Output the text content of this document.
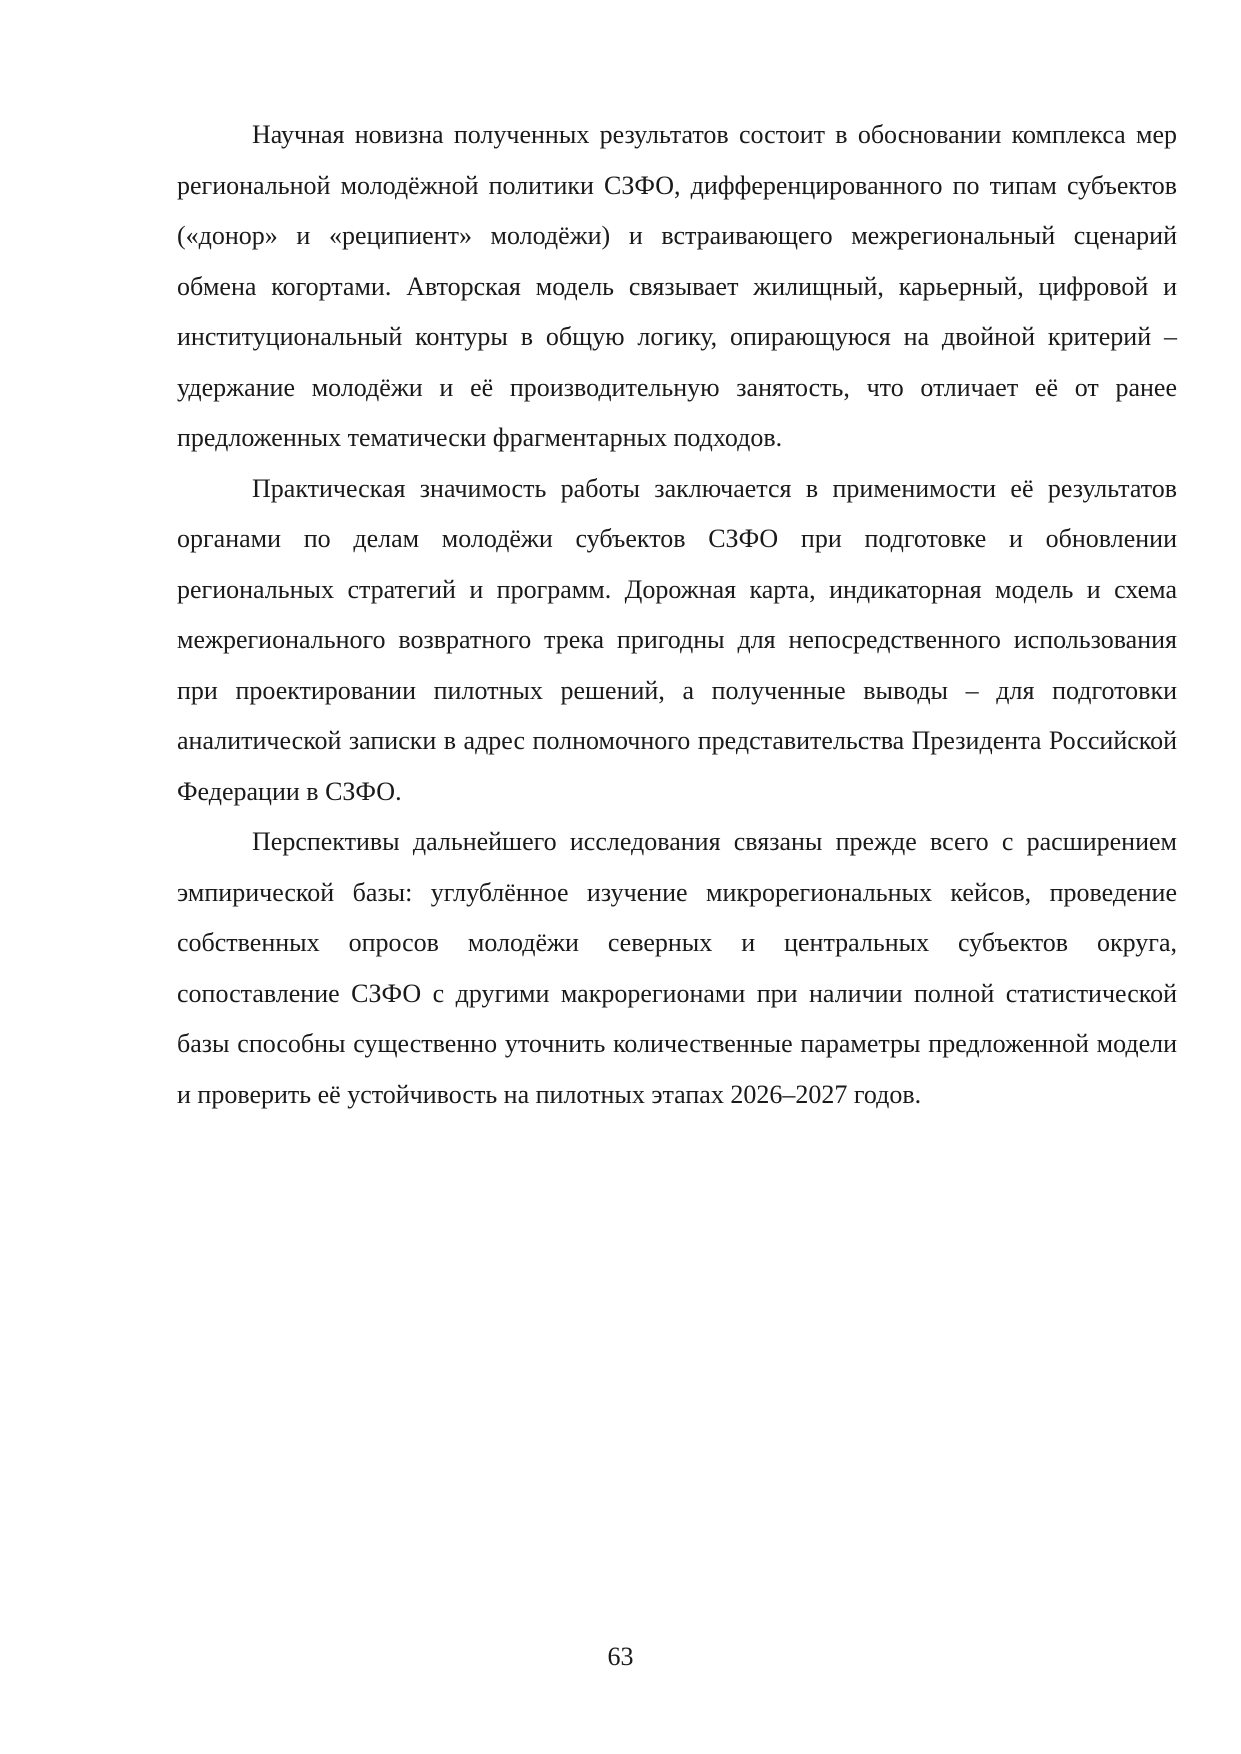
Научная новизна полученных результатов состоит в обосновании комплекса мер региональной молодёжной политики СЗФО, дифференцированного по типам субъектов («донор» и «реципиент» молодёжи) и встраивающего межрегиональный сценарий обмена когортами. Авторская модель связывает жилищный, карьерный, цифровой и институциональный контуры в общую логику, опирающуюся на двойной критерий – удержание молодёжи и её производительную занятость, что отличает её от ранее предложенных тематически фрагментарных подходов.

Практическая значимость работы заключается в применимости её результатов органами по делам молодёжи субъектов СЗФО при подготовке и обновлении региональных стратегий и программ. Дорожная карта, индикаторная модель и схема межрегионального возвратного трека пригодны для непосредственного использования при проектировании пилотных решений, а полученные выводы – для подготовки аналитической записки в адрес полномочного представительства Президента Российской Федерации в СЗФО.

Перспективы дальнейшего исследования связаны прежде всего с расширением эмпирической базы: углублённое изучение микрорегиональных кейсов, проведение собственных опросов молодёжи северных и центральных субъектов округа, сопоставление СЗФО с другими макрорегионами при наличии полной статистической базы способны существенно уточнить количественные параметры предложенной модели и проверить её устойчивость на пилотных этапах 2026–2027 годов.

63
